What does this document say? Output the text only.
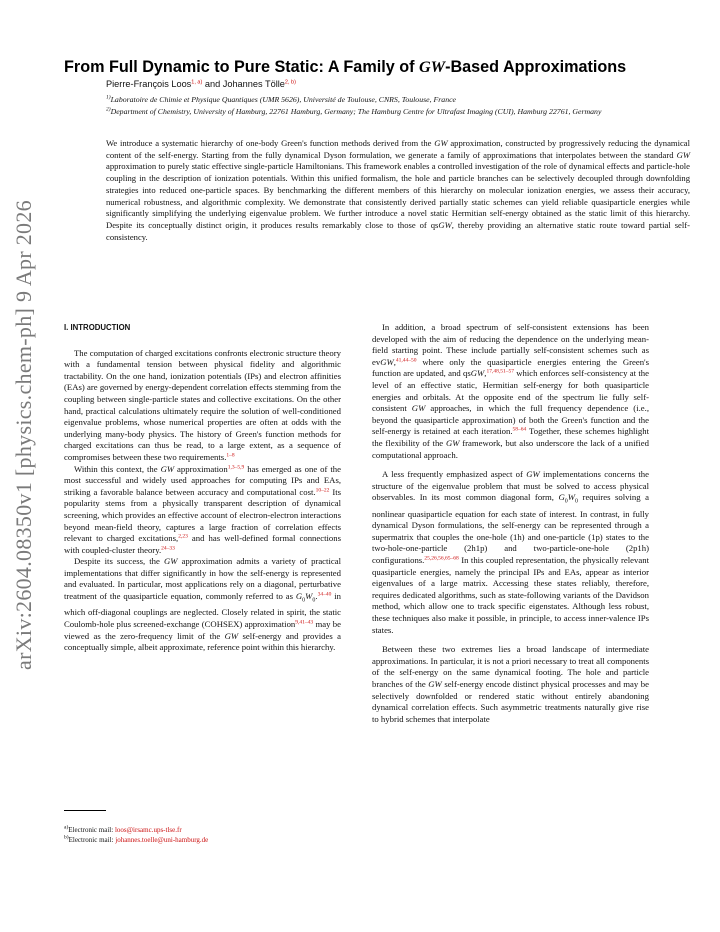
arXiv:2604.08350v1 [physics.chem-ph] 9 Apr 2026
From Full Dynamic to Pure Static: A Family of GW-Based Approximations
Pierre-François Loos$^{1, a)}$ and Johannes Tölle$^{2, b)}$
$^{1)}$Laboratoire de Chimie et Physique Quantiques (UMR 5626), Université de Toulouse, CNRS, Toulouse, France
$^{2)}$Department of Chemistry, University of Hamburg, 22761 Hamburg, Germany; The Hamburg Centre for Ultrafast Imaging (CUI), Hamburg 22761, Germany
We introduce a systematic hierarchy of one-body Green's function methods derived from the GW approximation, constructed by progressively reducing the dynamical content of the self-energy. Starting from the fully dynamical Dyson formulation, we generate a family of approximations that interpolates between the standard GW approximation to purely static effective single-particle Hamiltonians. This framework enables a controlled investigation of the role of dynamical effects and particle-hole coupling in the description of ionization potentials. Within this unified formalism, the hole and particle branches can be selectively decoupled through downfolding strategies into reduced one-particle spaces. By benchmarking the different members of this hierarchy on molecular ionization energies, we assess their accuracy, numerical robustness, and algorithmic complexity. We demonstrate that consistently derived partially static schemes can yield reliable quasiparticle energies while significantly simplifying the underlying eigenvalue problem. We further introduce a novel static Hermitian self-energy obtained as the static limit of this hierarchy. Despite its conceptually distinct origin, it produces results remarkably close to those of qsGW, thereby providing an alternative static route toward partial self-consistency.
I. INTRODUCTION

The computation of charged excitations confronts electronic structure theory with a fundamental tension between physical fidelity and algorithmic tractability. On the one hand, ionization potentials (IPs) and electron affinities (EAs) are governed by energy-dependent correlation effects stemming from the coupling between single-particle states and collective excitations. On the other hand, practical calculations ultimately require the solution of well-conditioned eigenvalue problems, whose numerical properties are often at odds with the underlying many-body physics. The history of Green's function methods for charged excitations can thus be read, to a large extent, as a sequence of compromises between these two requirements.$^{1-8}$

Within this context, the GW approximation$^{1,3-5,9}$ has emerged as one of the most successful and widely used approaches for computing IPs and EAs, striking a favorable balance between accuracy and computational cost.$^{10-22}$ Its popularity stems from a physically transparent description of dynamical screening, which provides an effective account of electron-electron interactions beyond mean-field theory, captures a large fraction of correlation effects relevant to charged excitations,$^{2,23}$ and has well-defined formal connections with coupled-cluster theory.$^{24-33}$

Despite its success, the GW approximation admits a variety of practical implementations that differ significantly in how the self-energy is represented and evaluated. In particular, most applications rely on a diagonal, perturbative treatment of the quasiparticle equation, commonly referred to as $G_0W_0.^{34-40}$ in which off-diagonal couplings are neglected. Closely related in spirit, the static Coulomb-hole plus screened-exchange (COHSEX) approximation$^{9,41-43}$ may be viewed as the zero-frequency limit of the GW self-energy and provides a conceptually simple, albeit approximate, reference point within this hierarchy.

In addition, a broad spectrum of self-consistent extensions has been developed with the aim of reducing the dependence on the underlying mean-field starting point. These include partially self-consistent schemes such as evGW,$^{41,44-50}$ where only the quasiparticle energies entering the Green's function are updated, and qsGW,$^{17,48,51-57}$ which enforces self-consistency at the level of an effective static, Hermitian self-energy for both quasiparticle energies and orbitals. At the opposite end of the spectrum lie fully self-consistent GW approaches, in which the full frequency dependence (i.e., beyond the quasiparticle approximation) of both the Green's function and the self-energy is retained at each iteration.$^{58-64}$ Together, these schemes highlight the flexibility of the GW framework, but also underscore the lack of a unified computational approach.

A less frequently emphasized aspect of GW implementations concerns the structure of the eigenvalue problem that must be solved to access physical observables. In its most common diagonal form, $G_0W_0$ requires solving a nonlinear quasiparticle equation for each state of interest. In contrast, in fully dynamical Dyson formulations, the self-energy can be represented through a supermatrix that couples the one-hole (1h) and one-particle (1p) states to the two-hole-one-particle (2h1p) and two-particle-one-hole (2p1h) configurations.$^{25,26,56,65-68}$ In this coupled representation, the physically relevant quasiparticle energies, namely the principal IPs and EAs, appear as interior eigenvalues of a large matrix. Accessing these states reliably, therefore, requires dedicated algorithms, such as state-following variants of the Davidson method, which allow one to track specific eigenstates. Although less robust, these techniques also make it possible, in principle, to access inner-valence IPs states.

Between these two extremes lies a broad landscape of intermediate approximations. In particular, it is not a priori necessary to treat all components of the self-energy on the same dynamical footing. The hole and particle branches of the GW self-energy encode distinct physical processes and may be selectively downfolded or rendered static without entirely abandoning dynamical correlation effects. Such asymmetric treatments naturally give rise to hybrid schemes that interpolate

$^{a)}$Electronic mail: loos@irsamc.ups-tlse.fr
$^{b)}$Electronic mail: johannes.toelle@uni-hamburg.de
